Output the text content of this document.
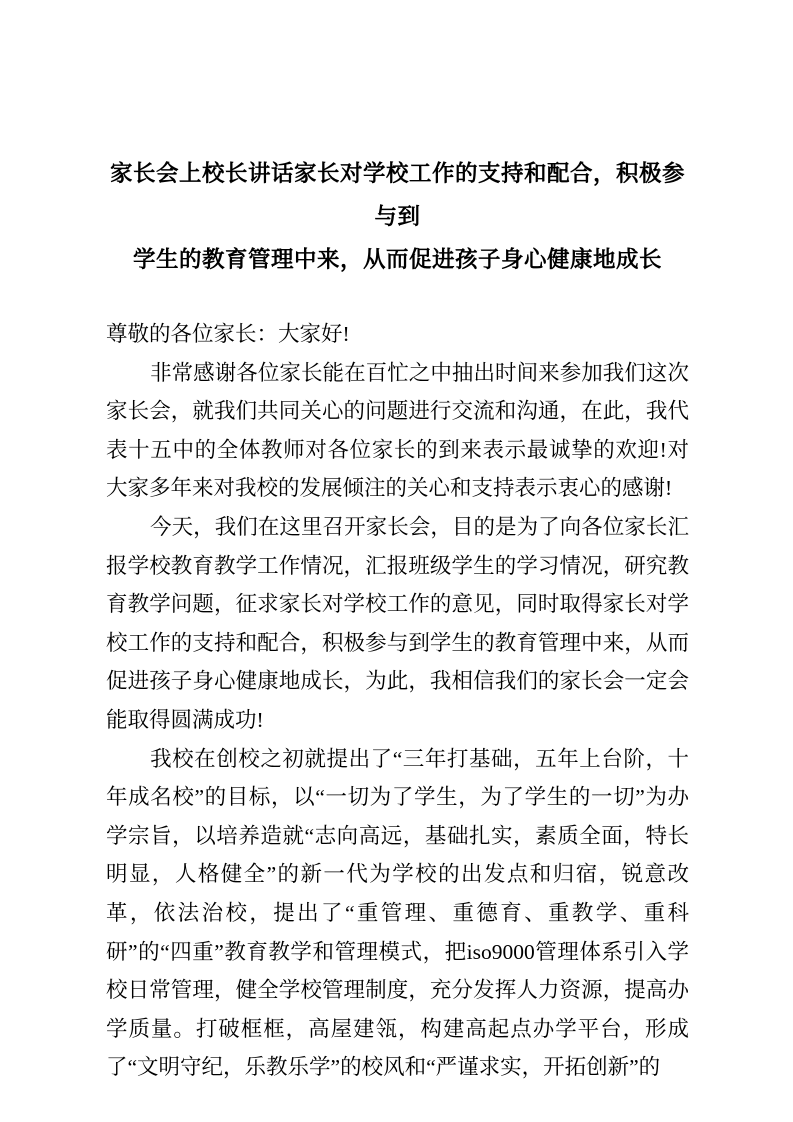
家长会上校长讲话家长对学校工作的支持和配合，积极参与到
学生的教育管理中来，从而促进孩子身心健康地成长

尊敬的各位家长：大家好!

非常感谢各位家长能在百忙之中抽出时间来参加我们这次家长会，就我们共同关心的问题进行交流和沟通，在此，我代表十五中的全体教师对各位家长的到来表示最诚挚的欢迎!对大家多年来对我校的发展倾注的关心和支持表示衷心的感谢!

今天，我们在这里召开家长会，目的是为了向各位家长汇报学校教育教学工作情况，汇报班级学生的学习情况，研究教育教学问题，征求家长对学校工作的意见，同时取得家长对学校工作的支持和配合，积极参与到学生的教育管理中来，从而促进孩子身心健康地成长，为此，我相信我们的家长会一定会能取得圆满成功!

我校在创校之初就提出了“三年打基础，五年上台阶，十年成名校”的目标，以“一切为了学生，为了学生的一切”为办学宗旨，以培养造就“志向高远，基础扎实，素质全面，特长明显，人格健全”的新一代为学校的出发点和归宿，锐意改革，依法治校，提出了“重管理、重德育、重教学、重科研”的“四重”教育教学和管理模式，把iso9000管理体系引入学校日常管理，健全学校管理制度，充分发挥人力资源，提高办学质量。打破框框，高屋建瓴，构建高起点办学平台，形成了“文明守纪，乐教乐学”的校风和“严谨求实，开拓创新”的
